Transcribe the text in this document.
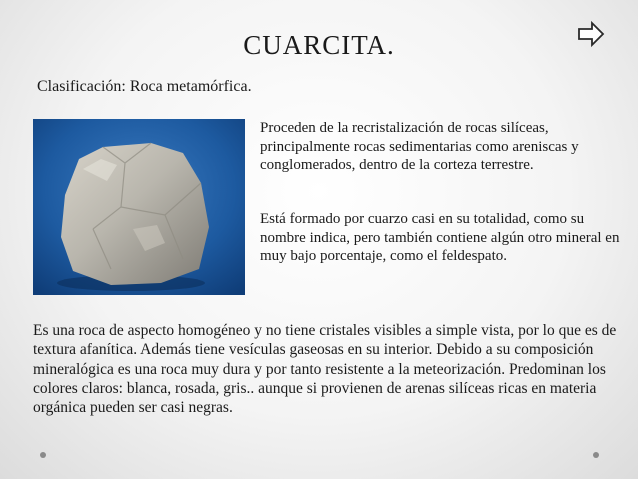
CUARCITA.
Clasificación: Roca metamórfica.
Proceden de la recristalización de rocas silíceas, principalmente rocas sedimentarias como areniscas y conglomerados, dentro de la corteza terrestre.
Está formado por cuarzo casi en su totalidad, como su nombre indica, pero también contiene algún otro mineral en muy bajo porcentaje, como el feldespato.
Es una roca de aspecto homogéneo y no tiene cristales visibles a simple vista, por lo que es de textura afanítica. Además tiene vesículas gaseosas en su interior. Debido a su composición mineralógica es una roca muy dura y por tanto resistente a la meteorización. Predominan los colores claros: blanca, rosada, gris.. aunque si provienen de arenas silíceas ricas en materia orgánica pueden ser casi negras.
